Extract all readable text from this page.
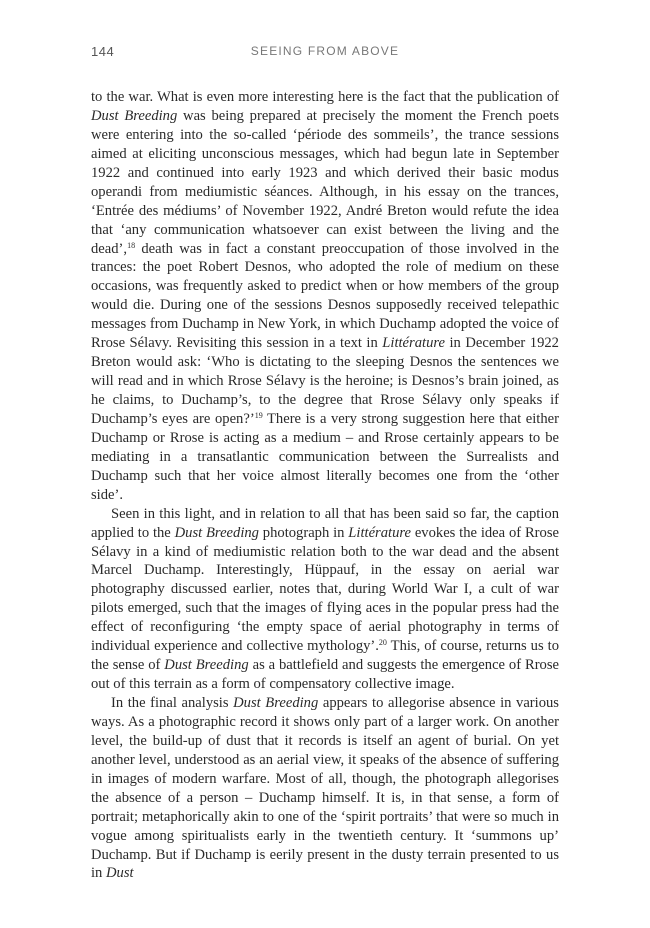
144	SEEING FROM ABOVE

to the war. What is even more interesting here is the fact that the publication of Dust Breeding was being prepared at precisely the moment the French poets were entering into the so-called ‘période des sommeils’, the trance sessions aimed at eliciting unconscious messages, which had begun late in September 1922 and continued into early 1923 and which derived their basic modus operandi from mediumistic séances. Although, in his essay on the trances, ‘Entrée des médiums’ of November 1922, André Breton would refute the idea that ‘any communication whatsoever can exist between the living and the dead’,$^{18}$ death was in fact a constant preoccupation of those involved in the trances: the poet Robert Desnos, who adopted the role of medium on these occasions, was frequently asked to predict when or how members of the group would die. During one of the sessions Desnos supposedly received telepathic messages from Duchamp in New York, in which Duchamp adopted the voice of Rrose Sélavy. Revisiting this session in a text in Littérature in December 1922 Breton would ask: ‘Who is dictating to the sleeping Desnos the sentences we will read and in which Rrose Sélavy is the heroine; is Desnos’s brain joined, as he claims, to Duchamp’s, to the degree that Rrose Sélavy only speaks if Duchamp’s eyes are open?’$^{19}$ There is a very strong suggestion here that either Duchamp or Rrose is acting as a medium – and Rrose certainly appears to be mediating in a transatlantic communication between the Surrealists and Duchamp such that her voice almost literally becomes one from the ‘other side’.

Seen in this light, and in relation to all that has been said so far, the caption applied to the Dust Breeding photograph in Littérature evokes the idea of Rrose Sélavy in a kind of mediumistic relation both to the war dead and the absent Marcel Duchamp. Interestingly, Hüppauf, in the essay on aerial war photography discussed earlier, notes that, during World War I, a cult of war pilots emerged, such that the images of flying aces in the popular press had the effect of reconfiguring ‘the empty space of aerial photography in terms of individual experience and collective mythology’.$^{20}$ This, of course, returns us to the sense of Dust Breeding as a battlefield and suggests the emergence of Rrose out of this terrain as a form of compensatory collective image.

In the final analysis Dust Breeding appears to allegorise absence in various ways. As a photographic record it shows only part of a larger work. On another level, the build-up of dust that it records is itself an agent of burial. On yet another level, understood as an aerial view, it speaks of the absence of suffering in images of modern warfare. Most of all, though, the photograph allegorises the absence of a person – Duchamp himself. It is, in that sense, a form of portrait; metaphorically akin to one of the ‘spirit portraits’ that were so much in vogue among spiritualists early in the twentieth century. It ‘summons up’ Duchamp. But if Duchamp is eerily present in the dusty terrain presented to us in Dust
